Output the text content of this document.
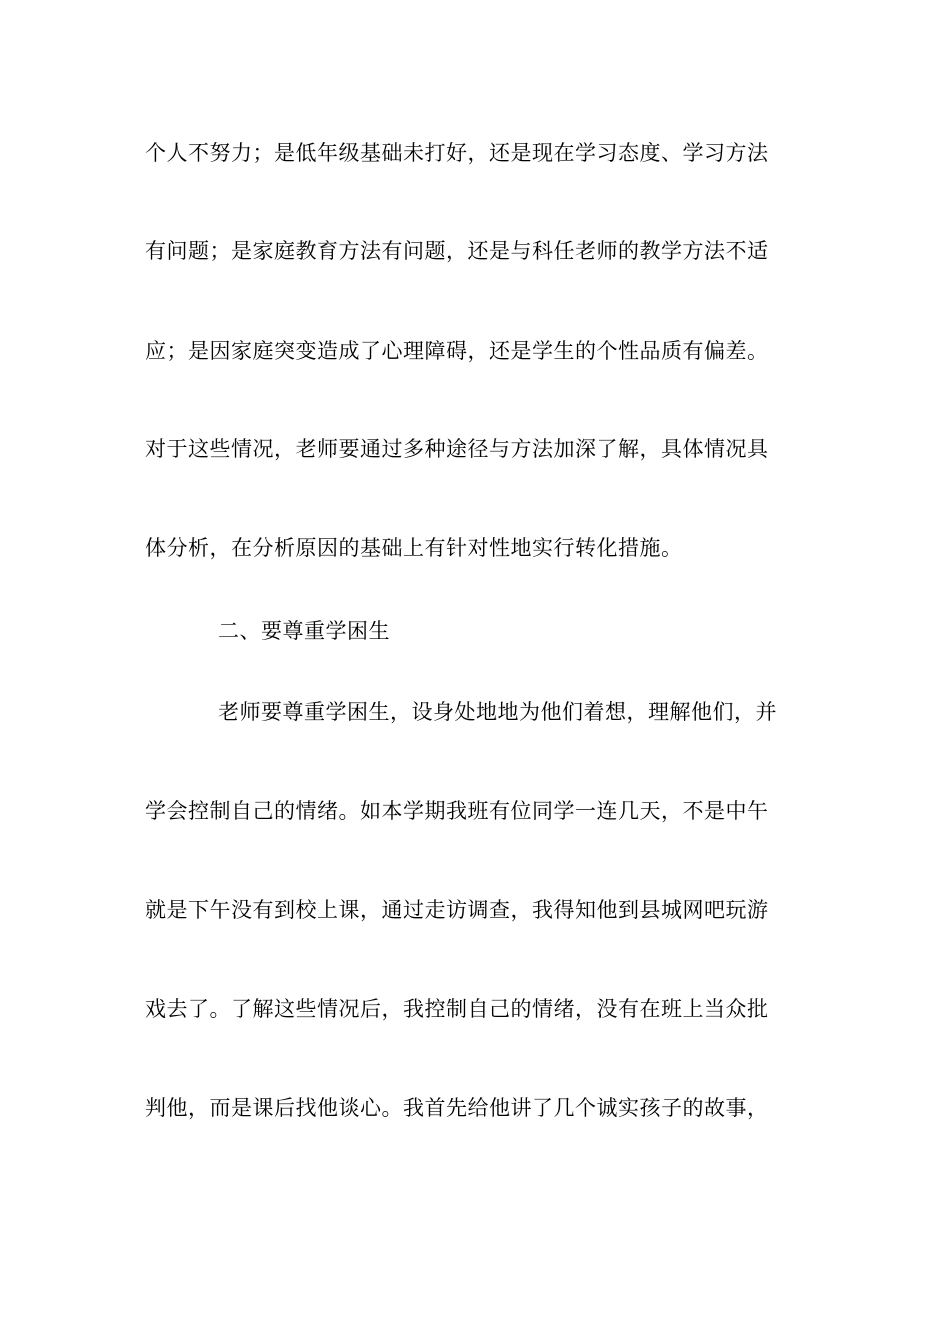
个人不努力；是低年级基础未打好，还是现在学习态度、学习方法
有问题；是家庭教育方法有问题，还是与科任老师的教学方法不适
应；是因家庭突变造成了心理障碍，还是学生的个性品质有偏差。
对于这些情况，老师要通过多种途径与方法加深了解，具体情况具
体分析，在分析原因的基础上有针对性地实行转化措施。
二、要尊重学困生
老师要尊重学困生，设身处地地为他们着想，理解他们，并
学会控制自己的情绪。如本学期我班有位同学一连几天，不是中午
就是下午没有到校上课，通过走访调查，我得知他到县城网吧玩游
戏去了。了解这些情况后，我控制自己的情绪，没有在班上当众批
判他，而是课后找他谈心。我首先给他讲了几个诚实孩子的故事，
